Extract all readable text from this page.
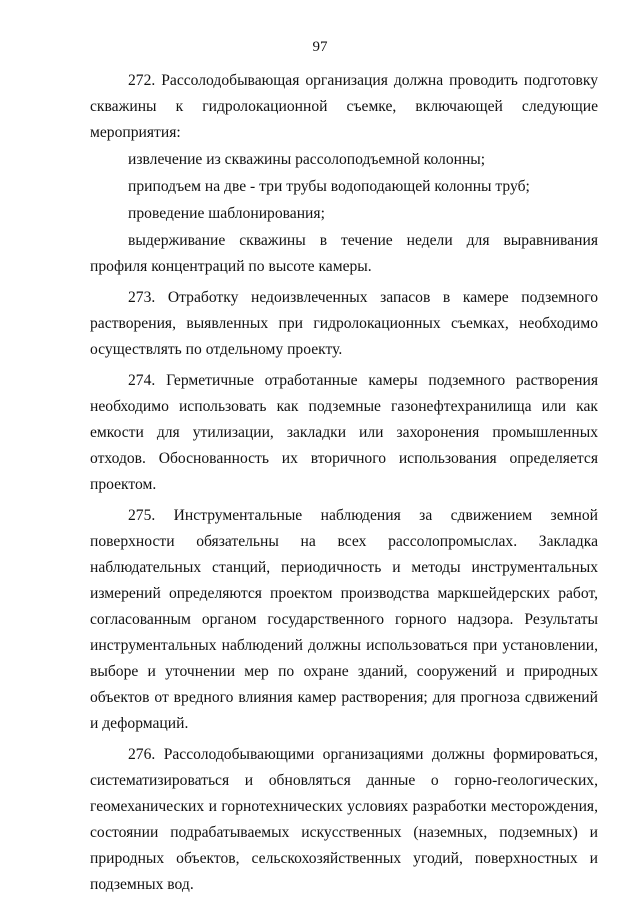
97

272. Рассолодобывающая организация должна проводить подготовку скважины к гидролокационной съемке, включающей следующие мероприятия:

извлечение из скважины рассолоподъемной колонны;

приподъем на две - три трубы водоподающей колонны труб;

проведение шаблонирования;

выдерживание скважины в течение недели для выравнивания профиля концентраций по высоте камеры.

273. Отработку недоизвлеченных запасов в камере подземного растворения, выявленных при гидролокационных съемках, необходимо осуществлять по отдельному проекту.

274. Герметичные отработанные камеры подземного растворения необходимо использовать как подземные газонефтехранилища или как емкости для утилизации, закладки или захоронения промышленных отходов. Обоснованность их вторичного использования определяется проектом.

275. Инструментальные наблюдения за сдвижением земной поверхности обязательны на всех рассолопромыслах. Закладка наблюдательных станций, периодичность и методы инструментальных измерений определяются проектом производства маркшейдерских работ, согласованным органом государственного горного надзора. Результаты инструментальных наблюдений должны использоваться при установлении, выборе и уточнении мер по охране зданий, сооружений и природных объектов от вредного влияния камер растворения; для прогноза сдвижений и деформаций.

276. Рассолодобывающими организациями должны формироваться, систематизироваться и обновляться данные о горно-геологических, геомеханических и горнотехнических условиях разработки месторождения, состоянии подрабатываемых искусственных (наземных, подземных) и природных объектов, сельскохозяйственных угодий, поверхностных и подземных вод.
